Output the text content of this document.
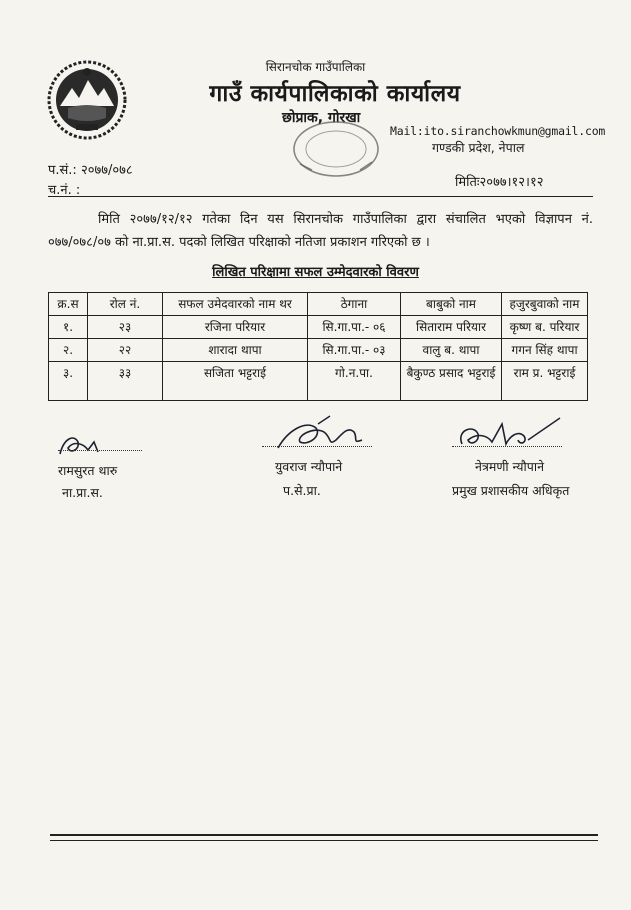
सिरानचोक गाउँपालिका
गाउँ कार्यपालिकाको कार्यालय
छोप्राक, गोरखा
Mail:ito.siranchowkmun@gmail.com
गण्डकी प्रदेश, नेपाल
प.सं.: २०७७/०७८
च.नं. :
मितिः२०७७।१२।१२
मिति २०७७/१२/१२ गतेका दिन यस सिरानचोक गाउँपालिका द्वारा संचालित भएको विज्ञापन नं. ०७७/०७८/०७ को ना.प्रा.स. पदको लिखित परिक्षाको नतिजा प्रकाशन गरिएको छ ।
लिखित परिक्षामा सफल उम्मेदवारको विवरण
क्र.स	रोल नं.	सफल उमेदवारको नाम थर	ठेगाना	बाबुको नाम	हजुरबुवाको नाम
१.	२३	रजिना परियार	सि.गा.पा.- ०६	सिताराम परियार	कृष्ण ब. परियार
२.	२२	शारादा थापा	सि.गा.पा.- ०३	वालु ब. थापा	गगन सिंह थापा
३.	३३	सजिता भट्टराई	गो.न.पा.	बैकुण्ठ प्रसाद भट्टराई	राम प्र. भट्टराई
रामसुरत थारु
ना.प्रा.स.
युवराज न्यौपाने
प.से.प्रा.
नेत्रमणी न्यौपाने
प्रमुख प्रशासकीय अधिकृत
